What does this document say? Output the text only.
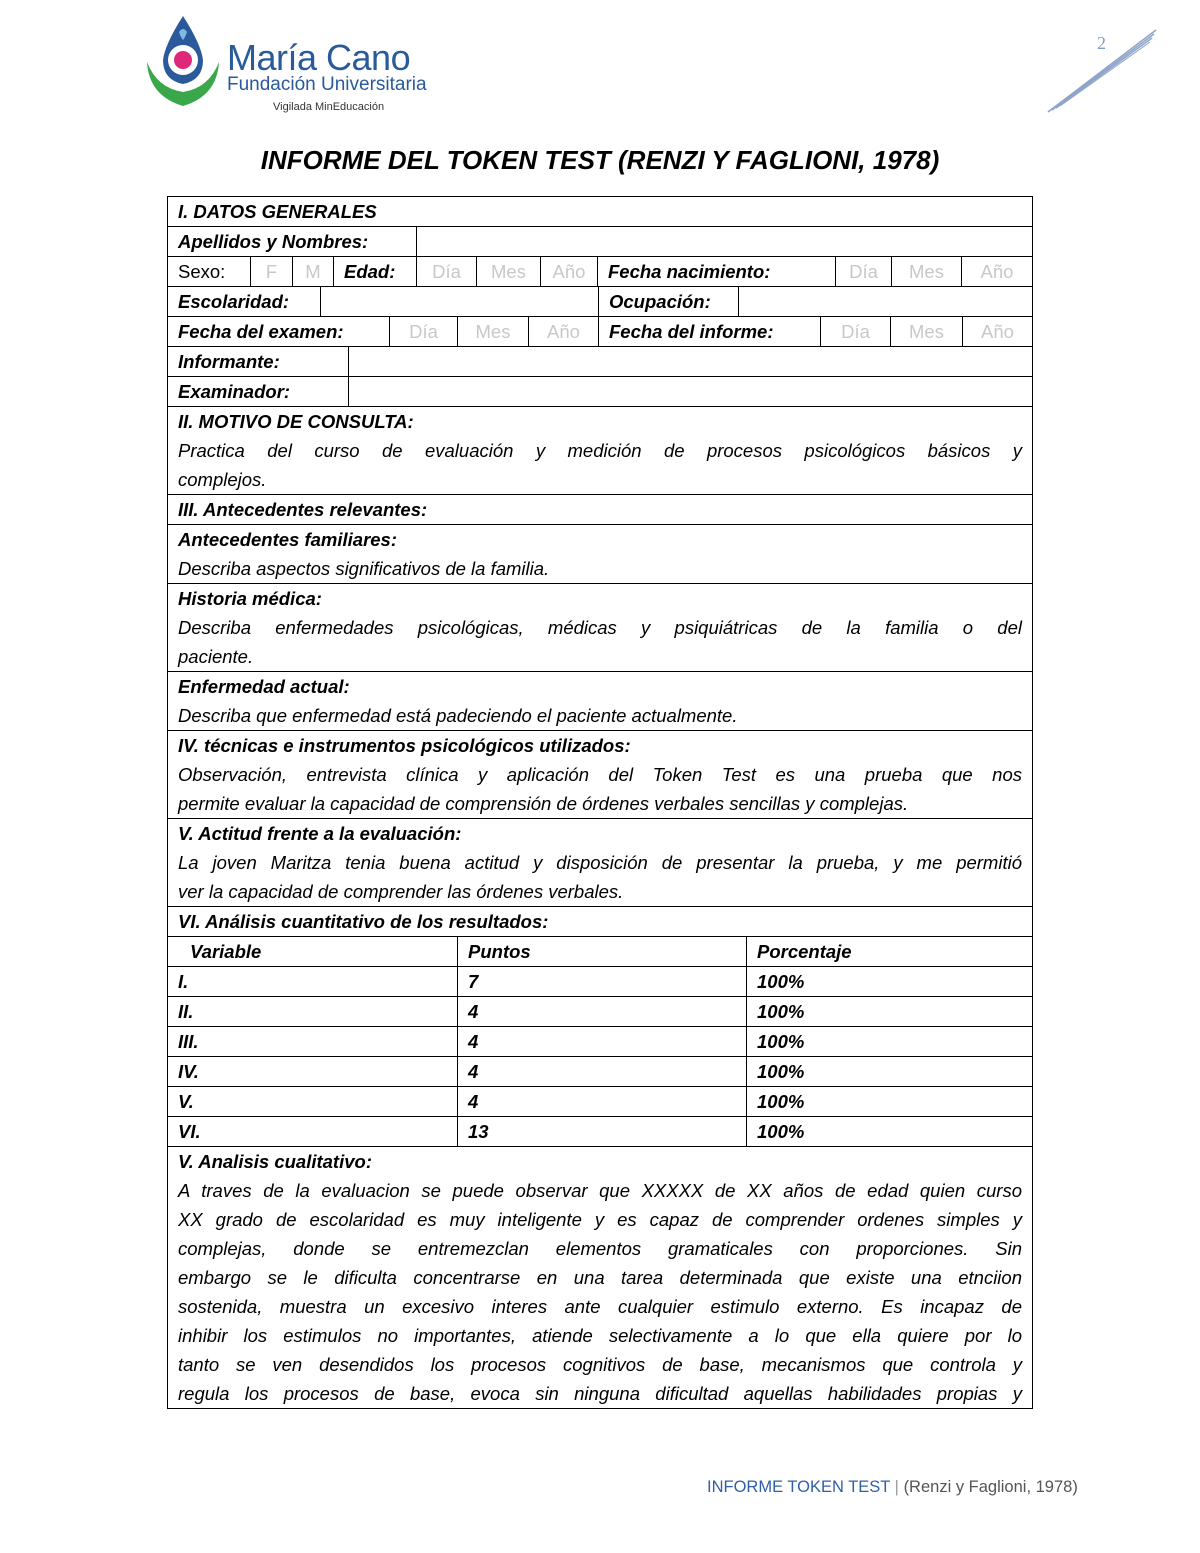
María Cano
Fundación Universitaria
Vigilada MinEducación
2
INFORME DEL TOKEN TEST (RENZI Y FAGLIONI, 1978)
I. DATOS GENERALES
Apellidos y Nombres:
Sexo:	F	M	Edad:	Día	Mes	Año	Fecha nacimiento:	Día	Mes	Año
Escolaridad:	Ocupación:
Fecha del examen:	Día	Mes	Año	Fecha del informe:	Día	Mes	Año
Informante:
Examinador:
II. MOTIVO DE CONSULTA:

Practica del curso de evaluación y medición de procesos psicológicos básicos y

complejos.

III. Antecedentes relevantes:
Antecedentes familiares:

Describa aspectos significativos de la familia.

Historia médica:

Describa enfermedades psicológicas, médicas y psiquiátricas de la familia o del

paciente.

Enfermedad actual:

Describa que enfermedad está padeciendo el paciente actualmente.

IV. técnicas e instrumentos psicológicos utilizados:

Observación, entrevista clínica y aplicación del Token Test es una prueba que nos

permite evaluar la capacidad de comprensión de órdenes verbales sencillas y complejas.

V. Actitud frente a la evaluación:

La joven Maritza tenia buena actitud y disposición de presentar la prueba, y me permitió

ver la capacidad de comprender las órdenes verbales.

VI. Análisis cuantitativo de los resultados:
Variable	Puntos	Porcentaje
I.	7	100%
II.	4	100%
III.	4	100%
IV.	4	100%
V.	4	100%
VI.	13	100%
V. Analisis cualitativo:

A traves de la evaluacion se puede observar que XXXXX de XX años de edad quien curso

XX grado de escolaridad es muy inteligente y es capaz de comprender ordenes simples y

complejas, donde se entremezclan elementos gramaticales con proporciones. Sin

embargo se le dificulta concentrarse en una tarea determinada que existe una etnciion

sostenida, muestra un excesivo interes ante cualquier estimulo externo. Es incapaz de

inhibir los estimulos no importantes, atiende selectivamente a lo que ella quiere por lo

tanto se ven desendidos los procesos cognitivos de base, mecanismos que controla y

regula los procesos de base, evoca sin ninguna dificultad aquellas habilidades propias y

INFORME TOKEN TEST | (Renzi y Faglioni, 1978)
